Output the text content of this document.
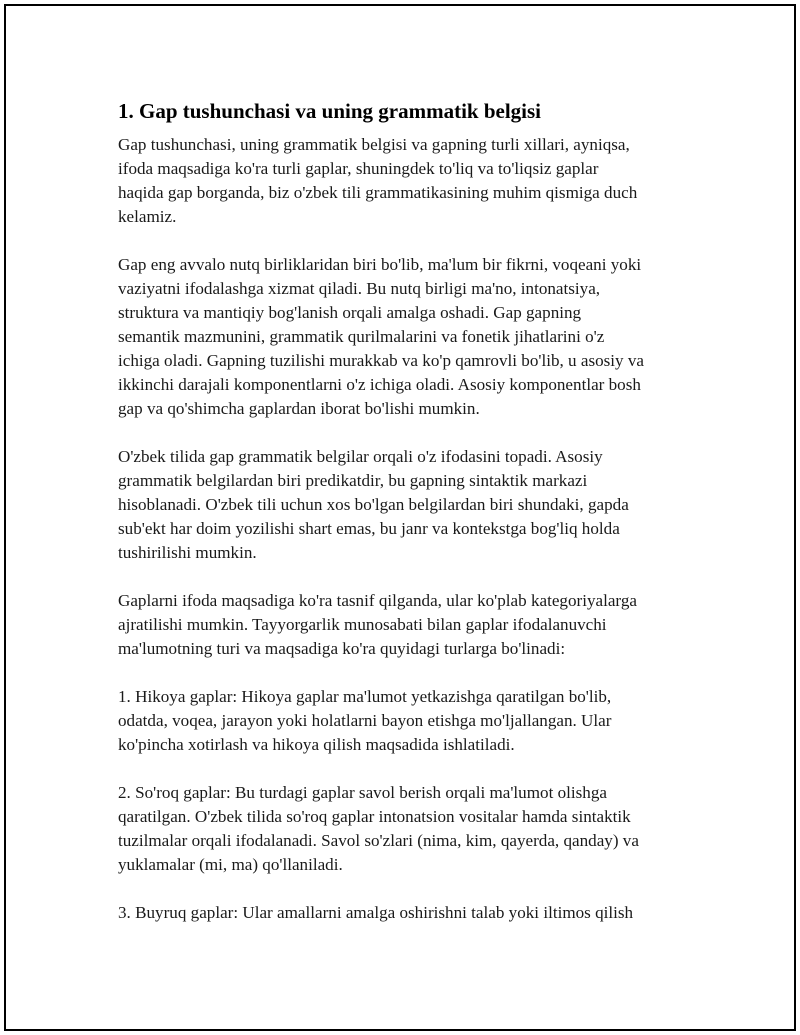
1. Gap tushunchasi va uning grammatik belgisi

Gap tushunchasi, uning grammatik belgisi va gapning turli xillari, ayniqsa,
ifoda maqsadiga ko'ra turli gaplar, shuningdek to'liq va to'liqsiz gaplar
haqida gap borganda, biz o'zbek tili grammatikasining muhim qismiga duch
kelamiz.

Gap eng avvalo nutq birliklaridan biri bo'lib, ma'lum bir fikrni, voqeani yoki
vaziyatni ifodalashga xizmat qiladi. Bu nutq birligi ma'no, intonatsiya,
struktura va mantiqiy bog'lanish orqali amalga oshadi. Gap gapning
semantik mazmunini, grammatik qurilmalarini va fonetik jihatlarini o'z
ichiga oladi. Gapning tuzilishi murakkab va ko'p qamrovli bo'lib, u asosiy va
ikkinchi darajali komponentlarni o'z ichiga oladi. Asosiy komponentlar bosh
gap va qo'shimcha gaplardan iborat bo'lishi mumkin.

O'zbek tilida gap grammatik belgilar orqali o'z ifodasini topadi. Asosiy
grammatik belgilardan biri predikatdir, bu gapning sintaktik markazi
hisoblanadi. O'zbek tili uchun xos bo'lgan belgilardan biri shundaki, gapda
sub'ekt har doim yozilishi shart emas, bu janr va kontekstga bog'liq holda
tushirilishi mumkin.

Gaplarni ifoda maqsadiga ko'ra tasnif qilganda, ular ko'plab kategoriyalarga
ajratilishi mumkin. Tayyorgarlik munosabati bilan gaplar ifodalanuvchi
ma'lumotning turi va maqsadiga ko'ra quyidagi turlarga bo'linadi:

1. Hikoya gaplar: Hikoya gaplar ma'lumot yetkazishga qaratilgan bo'lib,
odatda, voqea, jarayon yoki holatlarni bayon etishga mo'ljallangan. Ular
ko'pincha xotirlash va hikoya qilish maqsadida ishlatiladi.

2. So'roq gaplar: Bu turdagi gaplar savol berish orqali ma'lumot olishga
qaratilgan. O'zbek tilida so'roq gaplar intonatsion vositalar hamda sintaktik
tuzilmalar orqali ifodalanadi. Savol so'zlari (nima, kim, qayerda, qanday) va
yuklamalar (mi, ma) qo'llaniladi.

3. Buyruq gaplar: Ular amallarni amalga oshirishni talab yoki iltimos qilish
